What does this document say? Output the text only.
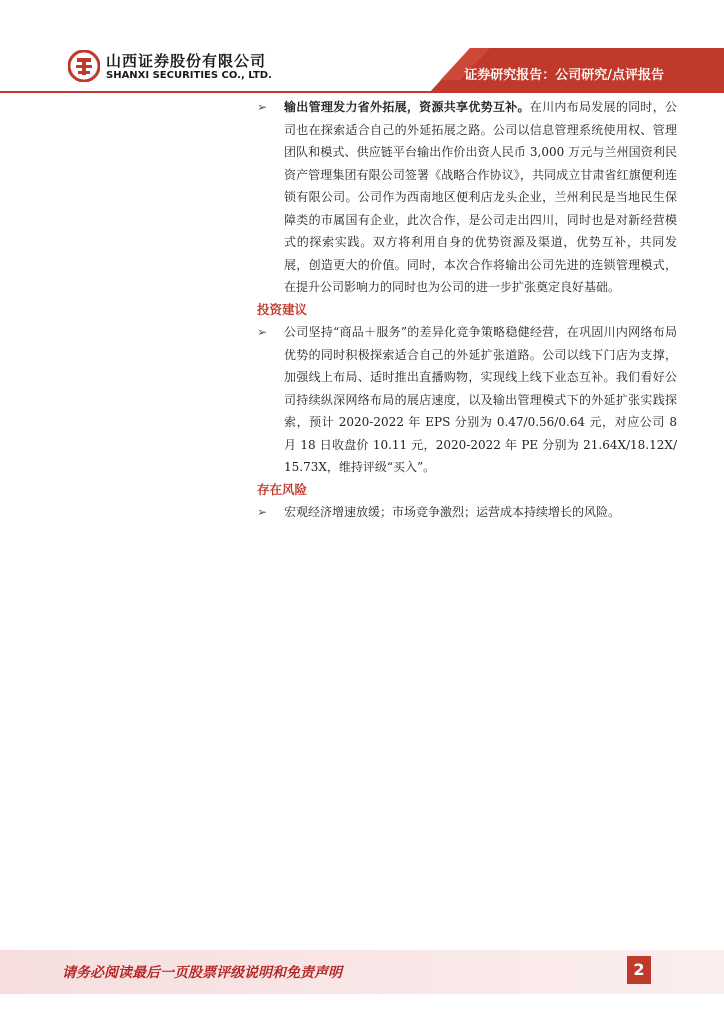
山西证券股份有限公司
SHANXI SECURITIES CO., LTD.	证券研究报告：公司研究/点评报告
➢ 输出管理发力省外拓展，资源共享优势互补。在川内布局发展的同时，公司也在探索适合自己的外延拓展之路。公司以信息管理系统使用权、管理团队和模式、供应链平台输出作价出资人民币 3,000 万元与兰州国资利民资产管理集团有限公司签署《战略合作协议》，共同成立甘肃省红旗便利连锁有限公司。公司作为西南地区便利店龙头企业，兰州利民是当地民生保障类的市属国有企业，此次合作，是公司走出四川，同时也是对新经营模式的探索实践。双方将利用自身的优势资源及渠道，优势互补，共同发展，创造更大的价值。同时，本次合作将输出公司先进的连锁管理模式，在提升公司影响力的同时也为公司的进一步扩张奠定良好基础。

投资建议

➢ 公司坚持“商品＋服务”的差异化竞争策略稳健经营，在巩固川内网络布局优势的同时积极探索适合自己的外延扩张道路。公司以线下门店为支撑，加强线上布局、适时推出直播购物，实现线上线下业态互补。我们看好公司持续纵深网络布局的展店速度，以及输出管理模式下的外延扩张实践探索，预计 2020-2022 年 EPS 分别为 0.47/0.56/0.64 元，对应公司 8 月 18 日收盘价 10.11 元，2020-2022 年 PE 分别为 21.64X/18.12X/15.73X，维持评级“买入”。

存在风险

➢ 宏观经济增速放缓；市场竞争激烈；运营成本持续增长的风险。

请务必阅读最后一页股票评级说明和免责声明	2
